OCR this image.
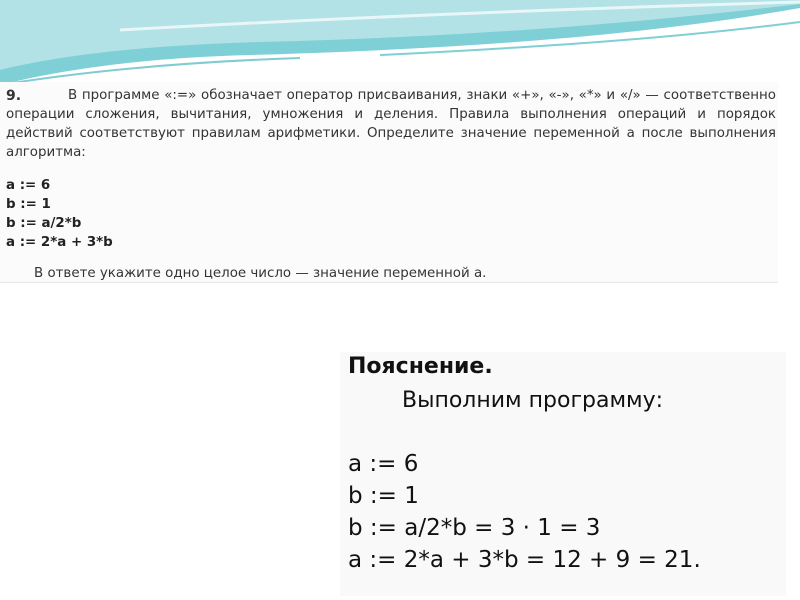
9.	В программе «:=» обозначает оператор присваивания, знаки «+», «-», «*» и «/» — соответственно операции сложения, вычитания, умножения и деления. Правила выполнения операций и порядок действий соответствуют правилам арифметики. Определите значение переменной а после выполнения алгоритма:
a := 6
b := 1
b := a/2*b
a := 2*a + 3*b
В ответе укажите одно целое число — значение переменной а.
Пояснение.
Выполним программу:
a := 6
b := 1
b := a/2*b = 3 · 1 = 3
a := 2*a + 3*b = 12 + 9 = 21.
